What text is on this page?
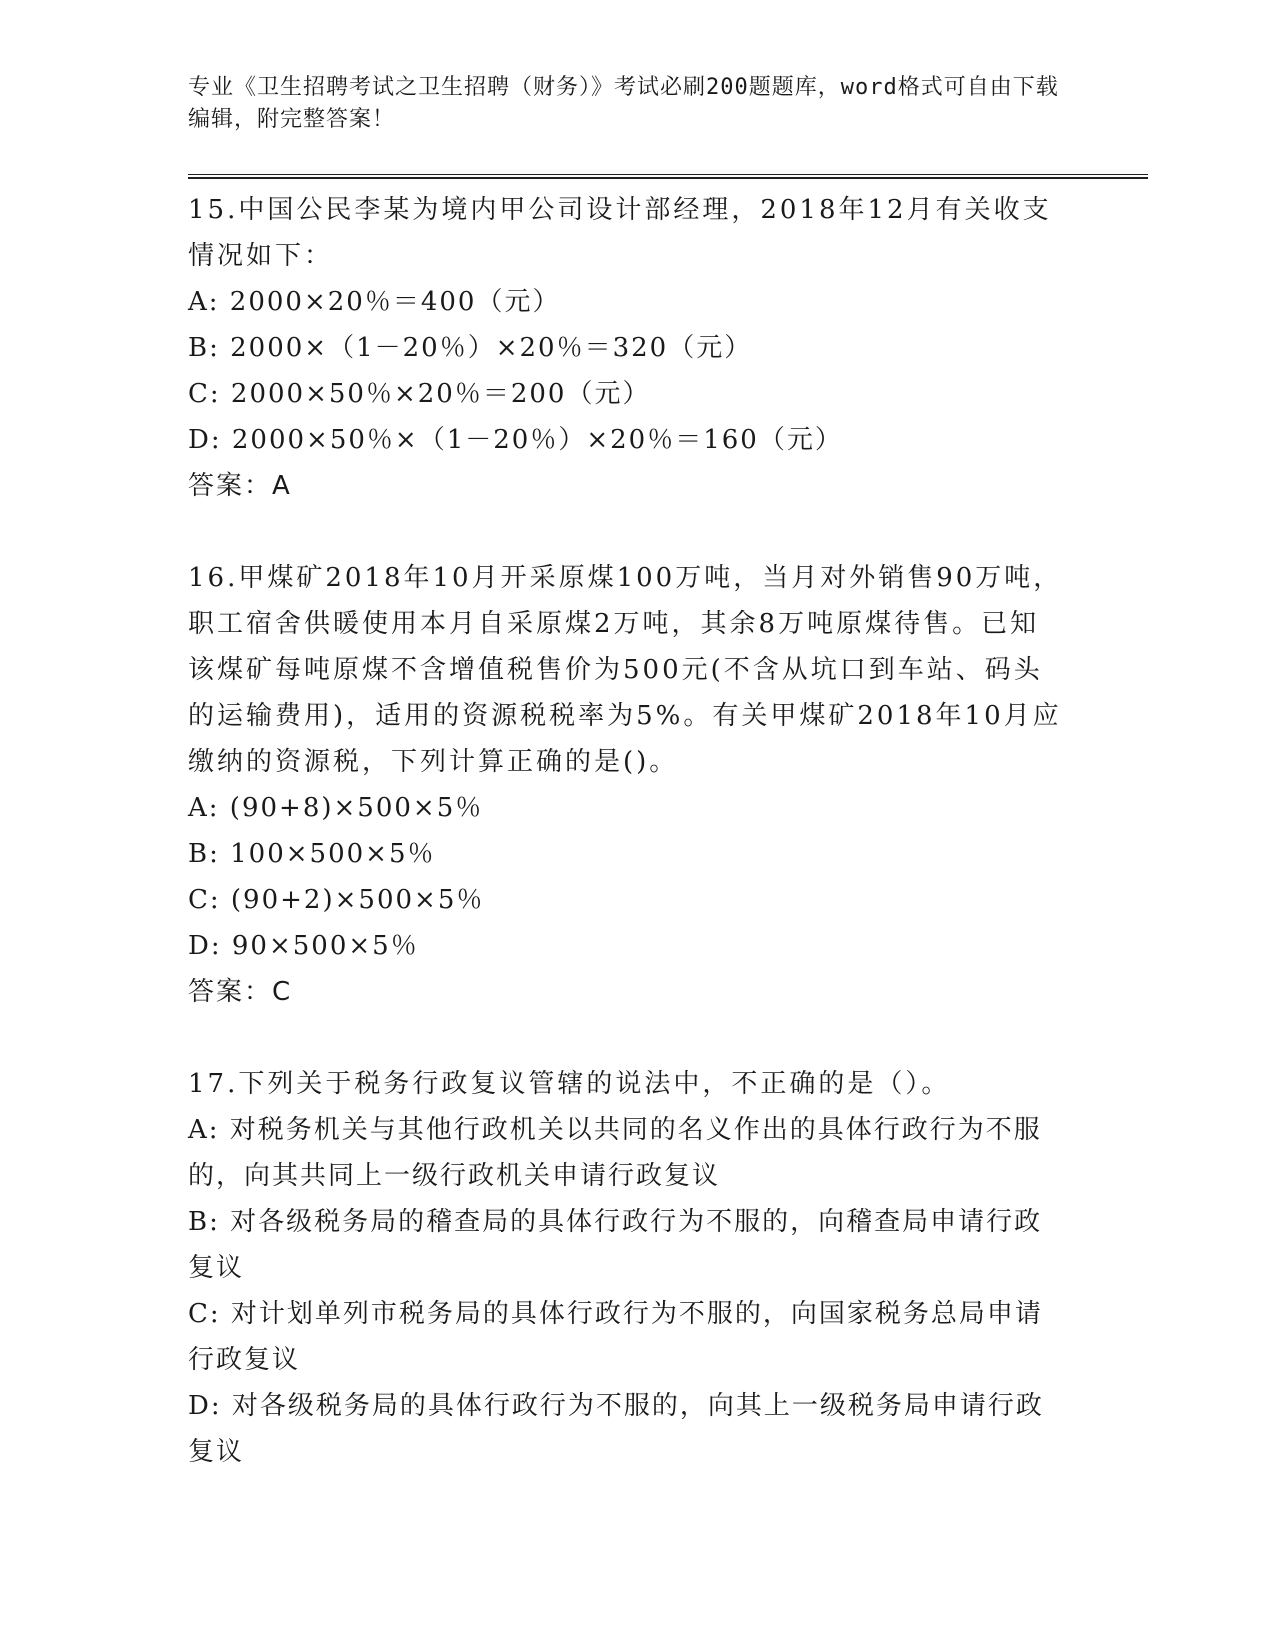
专业《卫生招聘考试之卫生招聘（财务）》考试必刷200题题库，word格式可自由下载编辑，附完整答案！

15.中国公民李某为境内甲公司设计部经理，2018年12月有关收支情况如下：

A: 2000×20％＝400（元）

B: 2000×（1－20％）×20％＝320（元）

C: 2000×50％×20％＝200（元）

D: 2000×50％×（1－20％）×20％＝160（元）

答案：A

16.甲煤矿2018年10月开采原煤100万吨，当月对外销售90万吨，职工宿舍供暖使用本月自采原煤2万吨，其余8万吨原煤待售。已知该煤矿每吨原煤不含增值税售价为500元(不含从坑口到车站、码头的运输费用)，适用的资源税税率为5%。有关甲煤矿2018年10月应缴纳的资源税，下列计算正确的是()。

A: (90+8)×500×5％

B: 100×500×5％

C: (90+2)×500×5％

D: 90×500×5％

答案：C

17.下列关于税务行政复议管辖的说法中，不正确的是（）。

A: 对税务机关与其他行政机关以共同的名义作出的具体行政行为不服的，向其共同上一级行政机关申请行政复议

B: 对各级税务局的稽查局的具体行政行为不服的，向稽查局申请行政复议

C: 对计划单列市税务局的具体行政行为不服的，向国家税务总局申请行政复议

D: 对各级税务局的具体行政行为不服的，向其上一级税务局申请行政复议
